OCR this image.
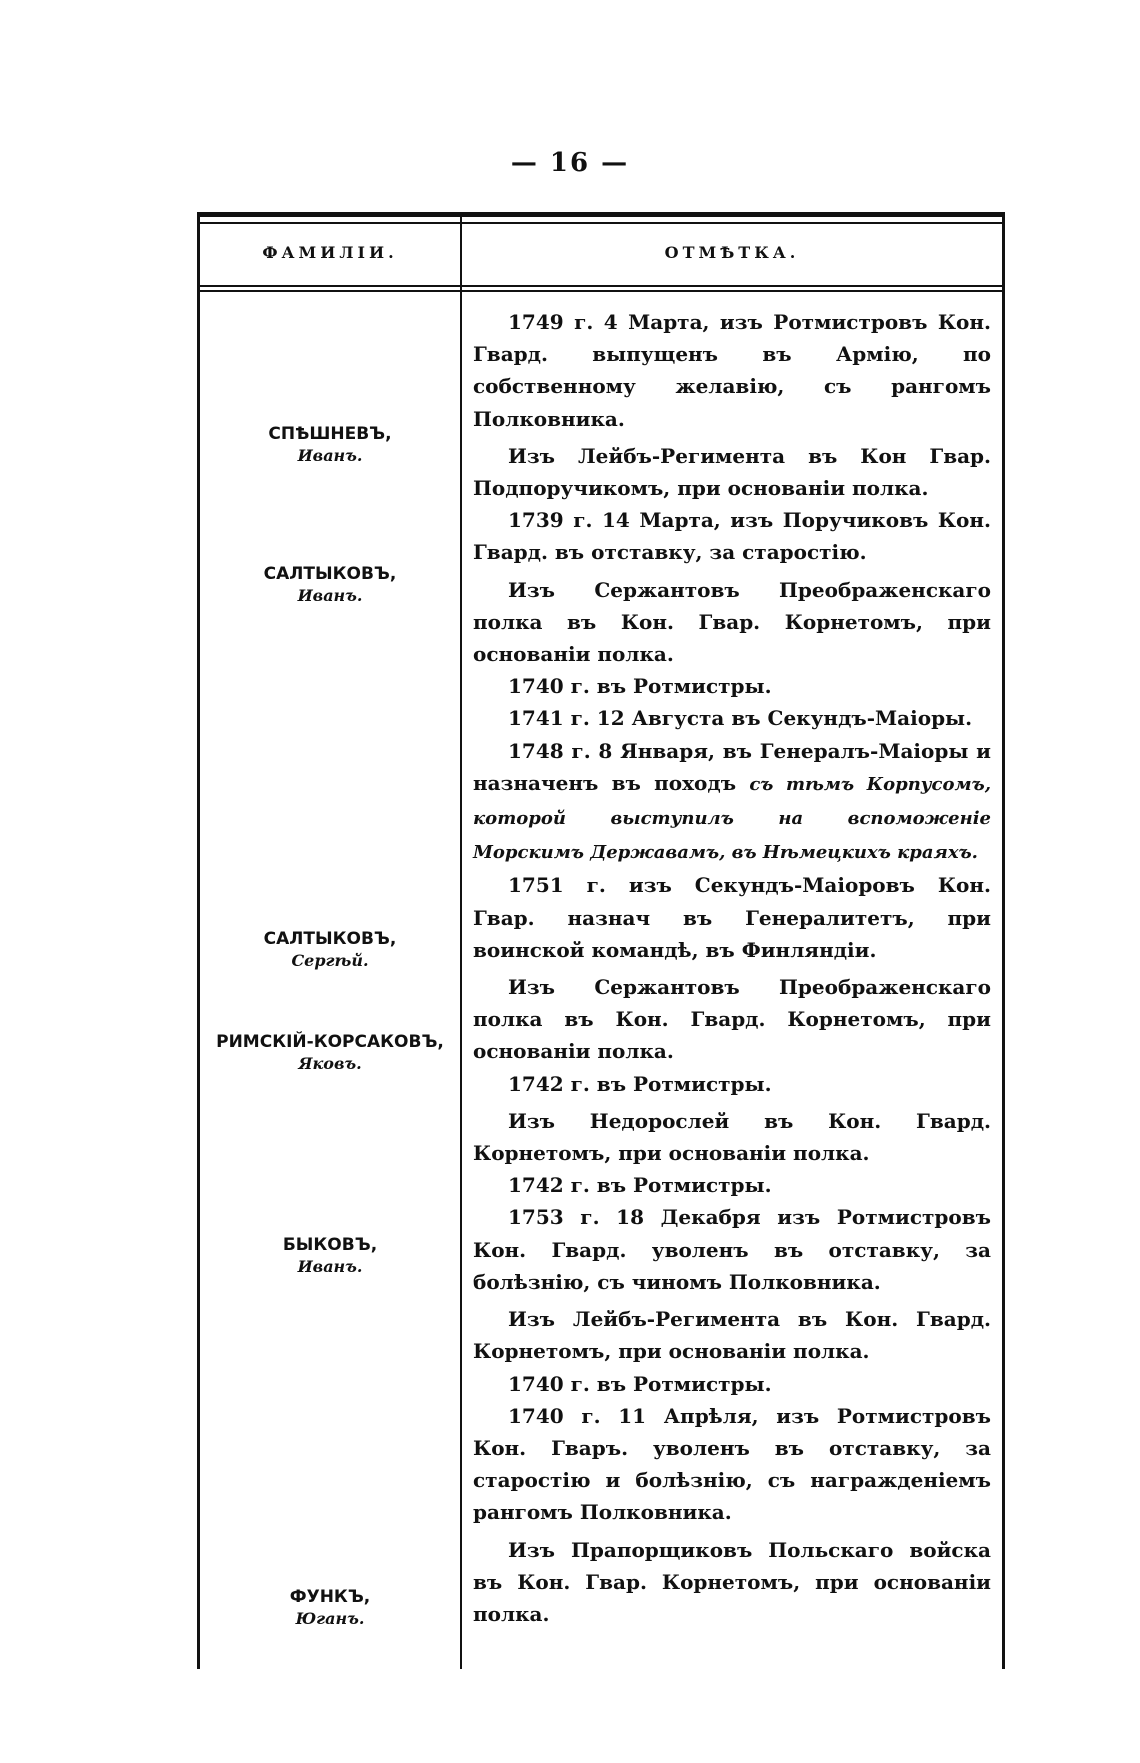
— 16 —
ФАМИЛІИ.	ОТМѢТКА.
СПѢШНЕВЪ,
Иванъ.
САЛТЫКОВЪ,
Иванъ.
САЛТЫКОВЪ,
Сергѣй.
РИМСКІЙ-КОРСАКОВЪ,
Яковъ.
БЫКОВЪ,
Иванъ.
ФУНКЪ,
Юганъ.

1749 г. 4 Марта, изъ Ротмистровъ Кон. Гвард. выпущенъ въ Армію, по собственному желавію, съ рангомъ Полковника.

Изъ Лейбъ-Регимента въ Кон Гвар. Подпоручикомъ, при основаніи полка.

1739 г. 14 Марта, изъ Поручиковъ Кон. Гвард. въ отставку, за старостію.

Изъ Сержантовъ Преображенскаго полка въ Кон. Гвар. Корнетомъ, при основаніи полка.

1740 г. въ Ротмистры.

1741 г. 12 Августа въ Секундъ-Маіоры.

1748 г. 8 Января, въ Генералъ-Маіоры и назначенъ въ походъ съ тѣмъ Корпусомъ, которой выступилъ на вспоможеніе Морскимъ Державамъ, въ Нѣмецкихъ краяхъ.

1751 г. изъ Секундъ-Маіоровъ Кон. Гвар. назнач въ Генералитетъ, при воинской командѣ, въ Финляндіи.

Изъ Сержантовъ Преображенскаго полка въ Кон. Гвард. Корнетомъ, при основаніи полка.

1742 г. въ Ротмистры.

Изъ Недорослей въ Кон. Гвард. Корнетомъ, при основаніи полка.

1742 г. въ Ротмистры.

1753 г. 18 Декабря изъ Ротмистровъ Кон. Гвард. уволенъ въ отставку, за болѣзнію, съ чиномъ Полковника.

Изъ Лейбъ-Регимента въ Кон. Гвард. Корнетомъ, при основаніи полка.

1740 г. въ Ротмистры.

1740 г. 11 Апрѣля, изъ Ротмистровъ Кон. Гваръ. уволенъ въ отставку, за старостію и болѣзнію, съ награжденіемъ рангомъ Полковника.

Изъ Прапорщиковъ Польскаго войска въ Кон. Гвар. Корнетомъ, при основаніи полка.
